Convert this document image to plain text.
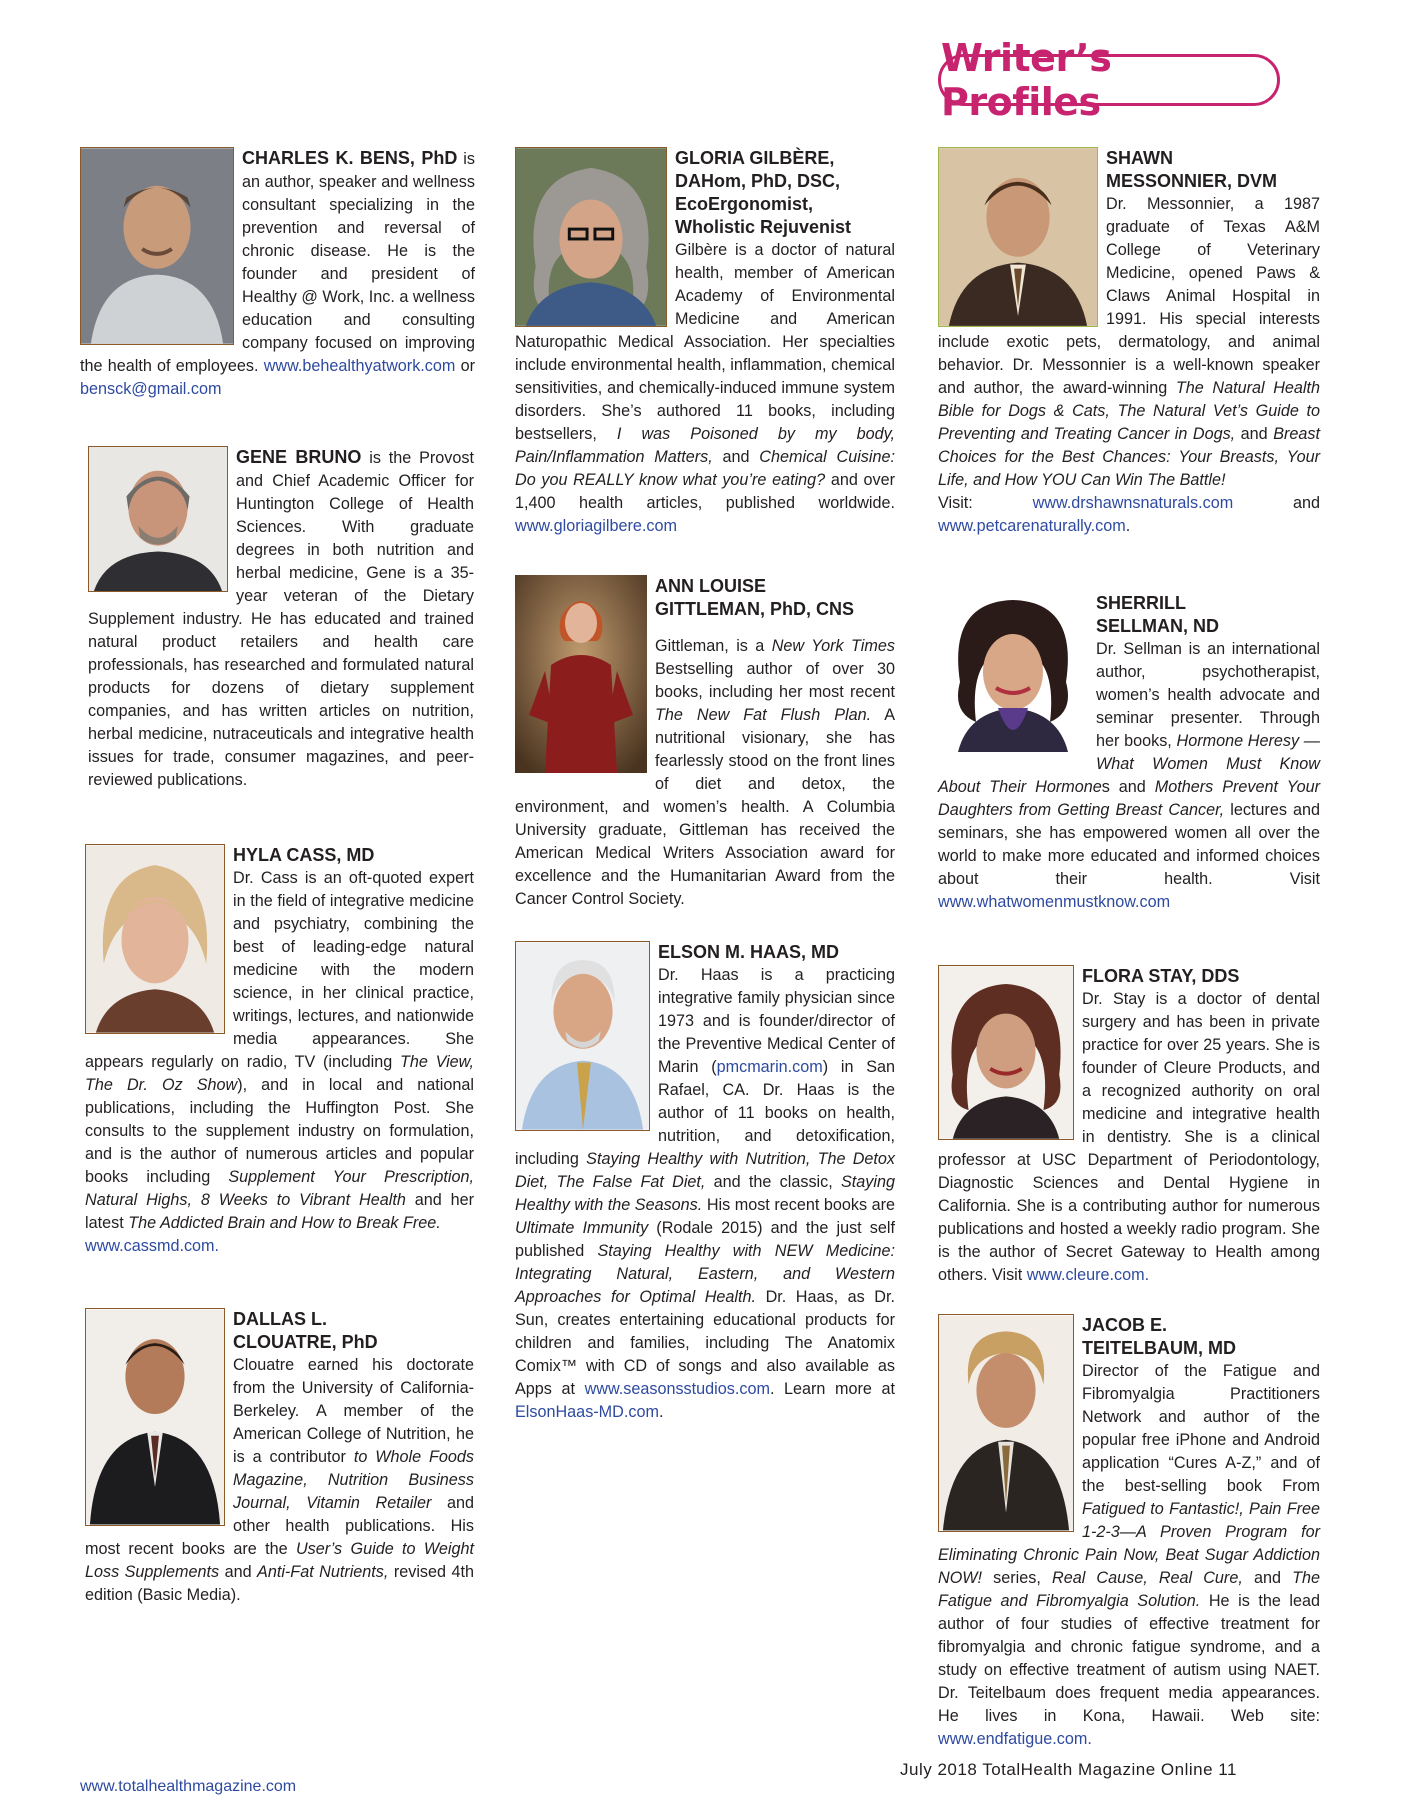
Writer’s Profiles
CHARLES K. BENS, PhD is an author, speaker and wellness consultant specializing in the prevention and reversal of chronic disease. He is the founder and president of Healthy @ Work, Inc. a wellness education and consulting company focused on improving the health of employees. www.behealthyatwork.com or bensck@gmail.com
GENE BRUNO is the Provost and Chief Academic Officer for Huntington College of Health Sciences. With graduate degrees in both nutrition and herbal medicine, Gene is a 35-year veteran of the Dietary Supplement industry. He has educated and trained natural product retailers and health care professionals, has researched and formulated natural products for dozens of dietary supplement companies, and has written articles on nutrition, herbal medicine, nutraceuticals and integrative health issues for trade, consumer magazines, and peer-reviewed publications.
HYLA CASS, MD
Dr. Cass is an oft-quoted expert in the field of integrative medicine and psychiatry, combining the best of leading-edge natural medicine with the modern science, in her clinical practice, writings, lectures, and nationwide media appearances. She appears regularly on radio, TV (including The View, The Dr. Oz Show), and in local and national publications, including the Huffington Post. She consults to the supplement industry on formulation, and is the author of numerous articles and popular books including Supplement Your Prescription, Natural Highs, 8 Weeks to Vibrant Health and her latest The Addicted Brain and How to Break Free.
www.cassmd.com.
DALLAS L.
CLOUATRE, PhD
Clouatre earned his doctorate from the University of California-Berkeley. A member of the American College of Nutrition, he is a contributor to Whole Foods Magazine, Nutrition Business Journal, Vitamin Retailer and other health publications. His most recent books are the User’s Guide to Weight Loss Supplements and Anti-Fat Nutrients, revised 4th edition (Basic Media).
GLORIA GILBÈRE, DAHom, PhD, DSC, EcoErgonomist, Wholistic Rejuvenist
Gilbère is a doctor of natural health, member of American Academy of Environmental Medicine and American Naturopathic Medical Association. Her specialties include environmental health, inflammation, chemical sensitivities, and chemically-induced immune system disorders. She’s authored 11 books, including bestsellers, I was Poisoned by my body, Pain/Inflammation Matters, and Chemical Cuisine: Do you REALLY know what you’re eating? and over 1,400 health articles, published worldwide. www.gloriagilbere.com
ANN LOUISE
GITTLEMAN, PhD, CNS
Gittleman, is a New York Times Bestselling author of over 30 books, including her most recent The New Fat Flush Plan. A nutritional visionary, she has fearlessly stood on the front lines of diet and detox, the environment, and women’s health. A Columbia University graduate, Gittleman has received the American Medical Writers Association award for excellence and the Humanitarian Award from the Cancer Control Society.
ELSON M. HAAS, MD
Dr. Haas is a practicing integrative family physician since 1973 and is founder/director of the Preventive Medical Center of Marin (pmcmarin.com) in San Rafael, CA. Dr. Haas is the author of 11 books on health, nutrition, and detoxification, including Staying Healthy with Nutrition, The Detox Diet, The False Fat Diet, and the classic, Staying Healthy with the Seasons. His most recent books are Ultimate Immunity (Rodale 2015) and the just self published Staying Healthy with NEW Medicine: Integrating Natural, Eastern, and Western Approaches for Optimal Health. Dr. Haas, as Dr. Sun, creates entertaining educational products for children and families, including The Anatomix Comix™ with CD of songs and also available as Apps at www.seasonsstudios.com. Learn more at ElsonHaas-MD.com.
SHAWN
MESSONNIER, DVM
Dr. Messonnier, a 1987 graduate of Texas A&M College of Veterinary Medicine, opened Paws & Claws Animal Hospital in 1991. His special interests include exotic pets, dermatology, and animal behavior. Dr. Messonnier is a well-known speaker and author, the award-winning The Natural Health Bible for Dogs & Cats, The Natural Vet’s Guide to Preventing and Treating Cancer in Dogs, and Breast Choices for the Best Chances: Your Breasts, Your Life, and How YOU Can Win The Battle!
Visit: www.drshawnsnaturals.com and www.petcarenaturally.com.
SHERRILL
SELLMAN, ND
Dr. Sellman is an international author, psychotherapist, women’s health advocate and seminar presenter. Through her books, Hormone Heresy — What Women Must Know About Their Hormones and Mothers Prevent Your Daughters from Getting Breast Cancer, lectures and seminars, she has empowered women all over the world to make more educated and informed choices about their health. Visit www.whatwomenmustknow.com
FLORA STAY, DDS
Dr. Stay is a doctor of dental surgery and has been in private practice for over 25 years. She is founder of Cleure Products, and a recognized authority on oral medicine and integrative health in dentistry. She is a clinical professor at USC Department of Periodontology, Diagnostic Sciences and Dental Hygiene in California. She is a contributing author for numerous publications and hosted a weekly radio program. She is the author of Secret Gateway to Health among others. Visit www.cleure.com.
JACOB E.
TEITELBAUM, MD
Director of the Fatigue and Fibromyalgia Practitioners Network and author of the popular free iPhone and Android application “Cures A-Z,” and of the best-selling book From Fatigued to Fantastic!, Pain Free 1-2-3—A Proven Program for Eliminating Chronic Pain Now, Beat Sugar Addiction NOW! series, Real Cause, Real Cure, and The Fatigue and Fibromyalgia Solution. He is the lead author of four studies of effective treatment for fibromyalgia and chronic fatigue syndrome, and a study on effective treatment of autism using NAET. Dr. Teitelbaum does frequent media appearances. He lives in Kona, Hawaii. Web site: www.endfatigue.com.
www.totalhealthmagazine.com
July 2018 TotalHealth Magazine Online 11
